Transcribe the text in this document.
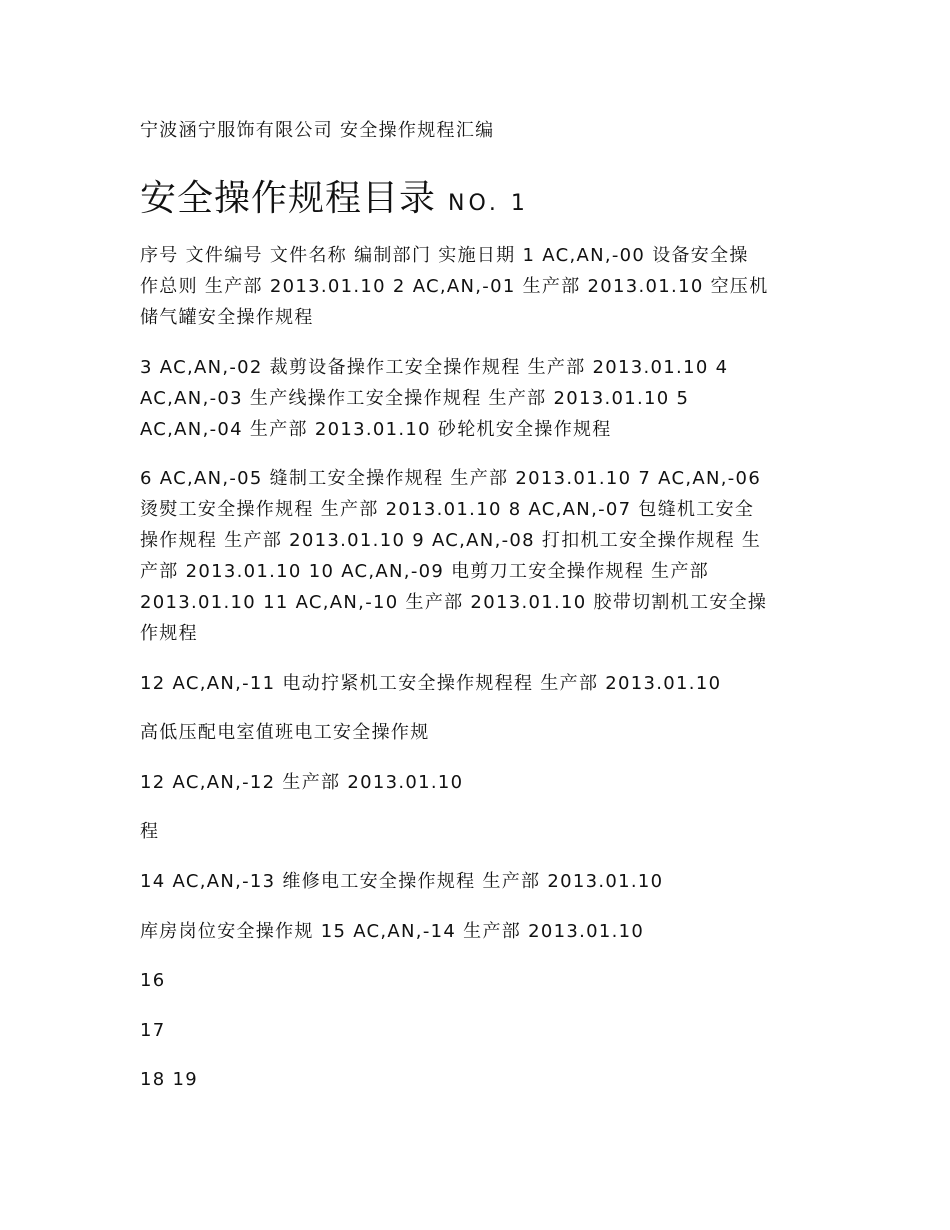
宁波涵宁服饰有限公司 安全操作规程汇编
安全操作规程目录 NO. 1
序号 文件编号 文件名称 编制部门 实施日期 1 AC,AN,-00 设备安全操
作总则 生产部 2013.01.10 2 AC,AN,-01 生产部 2013.01.10 空压机
储气罐安全操作规程
3 AC,AN,-02 裁剪设备操作工安全操作规程 生产部 2013.01.10 4
AC,AN,-03 生产线操作工安全操作规程 生产部 2013.01.10 5
AC,AN,-04 生产部 2013.01.10 砂轮机安全操作规程
6 AC,AN,-05 缝制工安全操作规程 生产部 2013.01.10 7 AC,AN,-06
烫熨工安全操作规程 生产部 2013.01.10 8 AC,AN,-07 包缝机工安全
操作规程 生产部 2013.01.10 9 AC,AN,-08 打扣机工安全操作规程 生
产部 2013.01.10 10 AC,AN,-09 电剪刀工安全操作规程 生产部
2013.01.10 11 AC,AN,-10 生产部 2013.01.10 胶带切割机工安全操
作规程
12 AC,AN,-11 电动拧紧机工安全操作规程程 生产部 2013.01.10
高低压配电室值班电工安全操作规
12 AC,AN,-12 生产部 2013.01.10
程
14 AC,AN,-13 维修电工安全操作规程 生产部 2013.01.10
库房岗位安全操作规 15 AC,AN,-14 生产部 2013.01.10
16
17
18 19
